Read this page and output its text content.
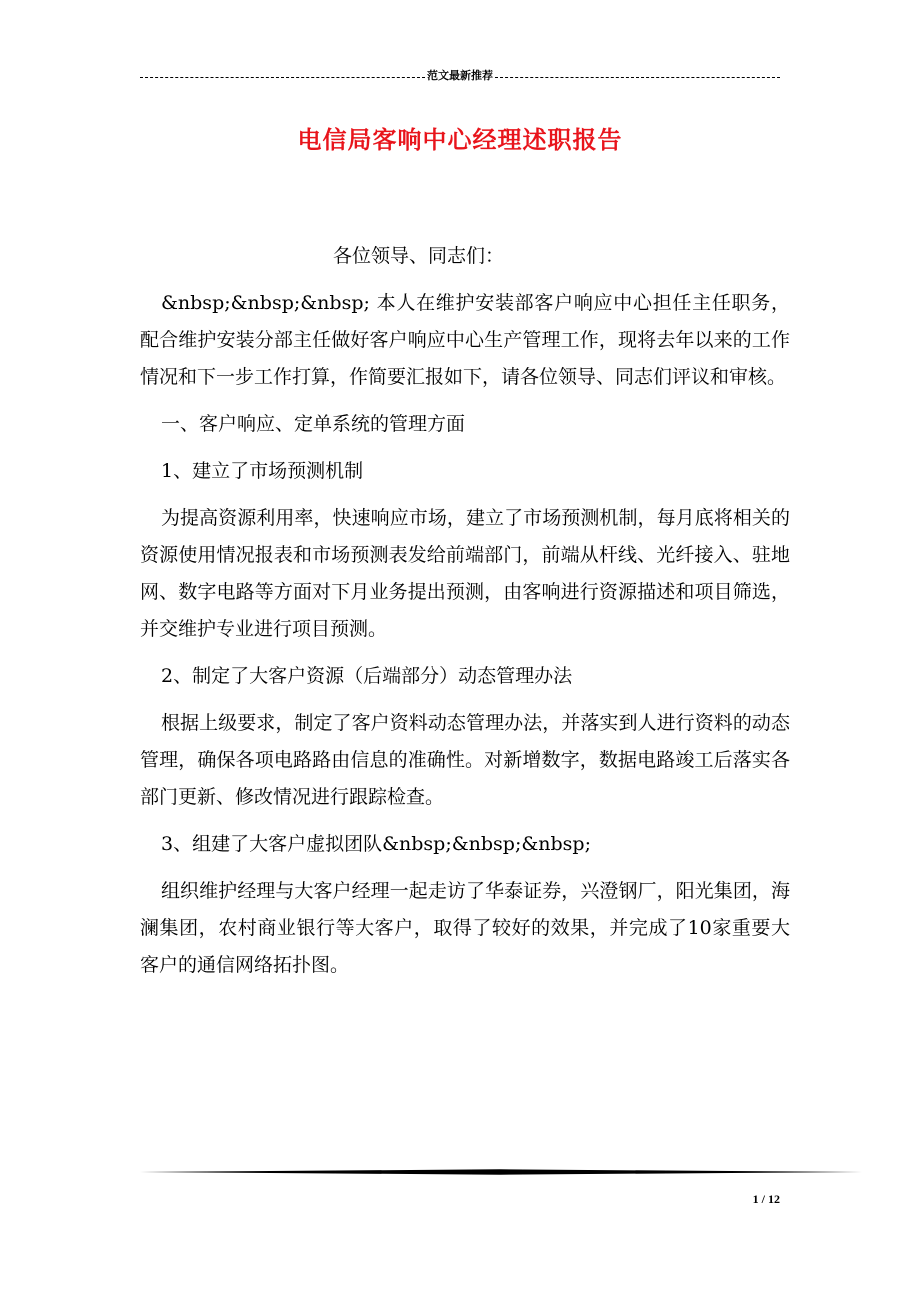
范文最新推荐
电信局客响中心经理述职报告

各位领导、同志们：

&nbsp;&nbsp;&nbsp; 本人在维护安装部客户响应中心担任主任职务，配合维护安装分部主任做好客户响应中心生产管理工作，现将去年以来的工作情况和下一步工作打算，作简要汇报如下，请各位领导、同志们评议和审核。

一、客户响应、定单系统的管理方面

1、建立了市场预测机制

为提高资源利用率，快速响应市场，建立了市场预测机制，每月底将相关的资源使用情况报表和市场预测表发给前端部门，前端从杆线、光纤接入、驻地网、数字电路等方面对下月业务提出预测，由客响进行资源描述和项目筛选，并交维护专业进行项目预测。

2、制定了大客户资源（后端部分）动态管理办法

根据上级要求，制定了客户资料动态管理办法，并落实到人进行资料的动态管理，确保各项电路路由信息的准确性。对新增数字，数据电路竣工后落实各部门更新、修改情况进行跟踪检查。

3、组建了大客户虚拟团队&nbsp;&nbsp;&nbsp;

组织维护经理与大客户经理一起走访了华泰证券，兴澄钢厂，阳光集团，海澜集团，农村商业银行等大客户，取得了较好的效果，并完成了10家重要大客户的通信网络拓扑图。

1 / 12
